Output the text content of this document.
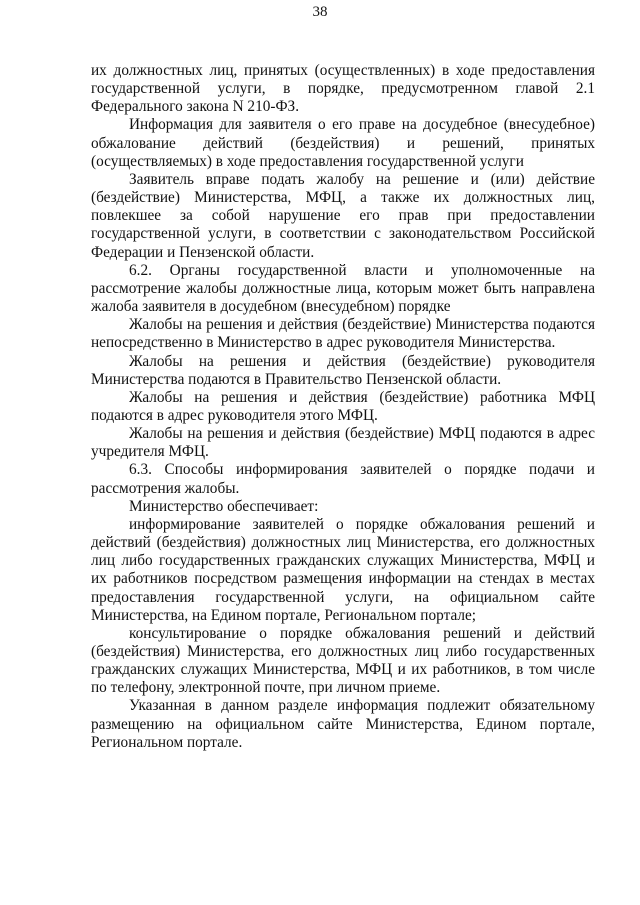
38

их должностных лиц, принятых (осуществленных) в ходе предоставления государственной услуги, в порядке, предусмотренном главой 2.1 Федерального закона N 210-ФЗ.

Информация для заявителя о его праве на досудебное (внесудебное) обжалование действий (бездействия) и решений, принятых (осуществляемых) в ходе предоставления государственной услуги

Заявитель вправе подать жалобу на решение и (или) действие (бездействие) Министерства, МФЦ, а также их должностных лиц, повлекшее за собой нарушение его прав при предоставлении государственной услуги, в соответствии с законодательством Российской Федерации и Пензенской области.

6.2. Органы государственной власти и уполномоченные на рассмотрение жалобы должностные лица, которым может быть направлена жалоба заявителя в досудебном (внесудебном) порядке

Жалобы на решения и действия (бездействие) Министерства подаются непосредственно в Министерство в адрес руководителя Министерства.

Жалобы на решения и действия (бездействие) руководителя Министерства подаются в Правительство Пензенской области.

Жалобы на решения и действия (бездействие) работника МФЦ подаются в адрес руководителя этого МФЦ.

Жалобы на решения и действия (бездействие) МФЦ подаются в адрес учредителя МФЦ.

6.3. Способы информирования заявителей о порядке подачи и рассмотрения жалобы.

Министерство обеспечивает:

информирование заявителей о порядке обжалования решений и действий (бездействия) должностных лиц Министерства, его должностных лиц либо государственных гражданских служащих Министерства, МФЦ и их работников посредством размещения информации на стендах в местах предоставления государственной услуги, на официальном сайте Министерства, на Едином портале, Региональном портале;

консультирование о порядке обжалования решений и действий (бездействия) Министерства, его должностных лиц либо государственных гражданских служащих Министерства, МФЦ и их работников, в том числе по телефону, электронной почте, при личном приеме.

Указанная в данном разделе информация подлежит обязательному размещению на официальном сайте Министерства, Едином портале, Региональном портале.
